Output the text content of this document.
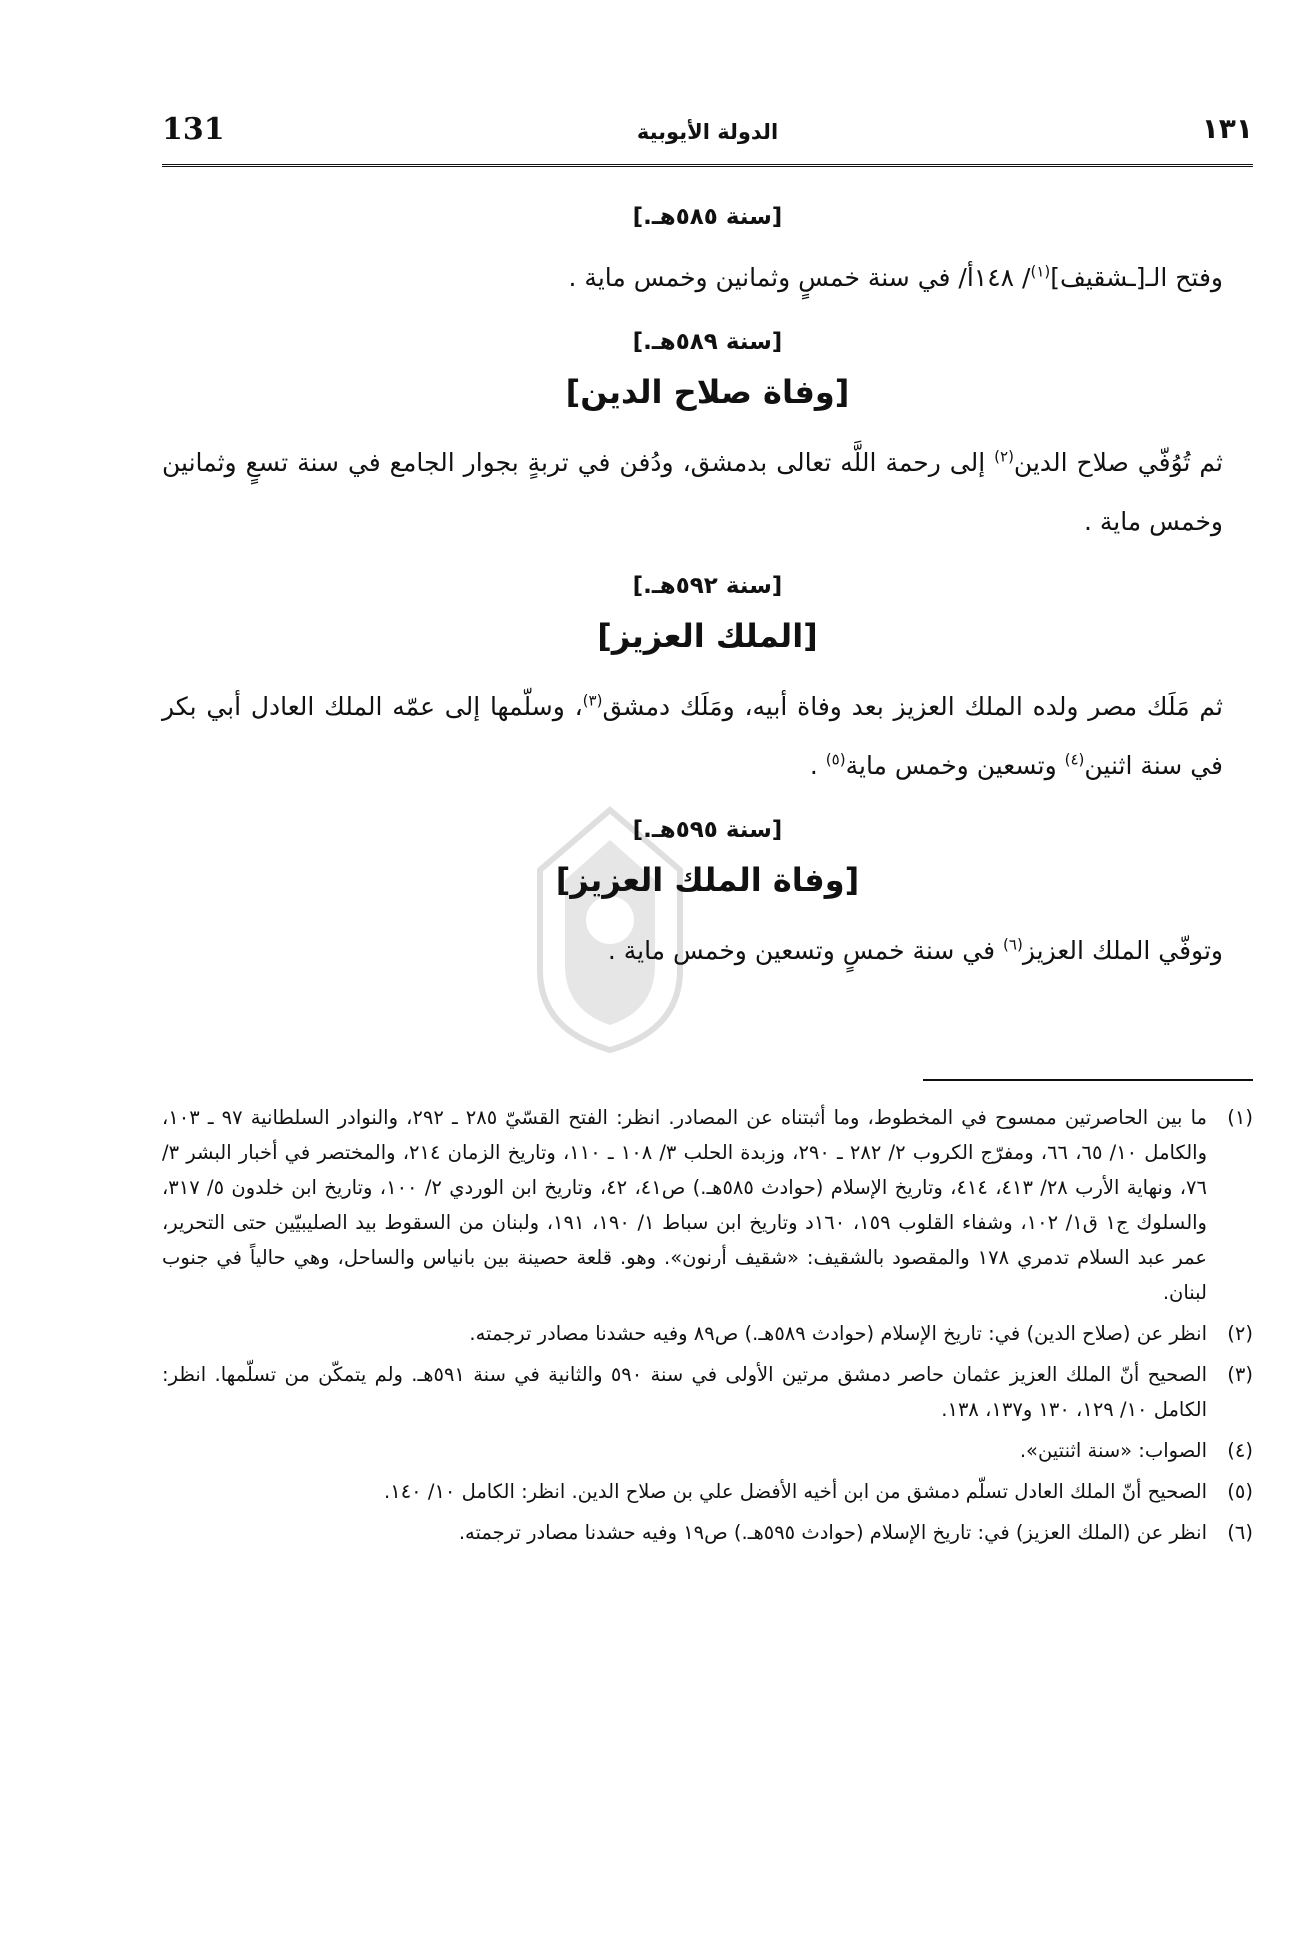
131	الدولة الأيوبية	١٣١
[سنة ٥٨٥هـ.]
وفتح الـ[ـشقيف]$^{(١)}$/ ١٤٨أ/ في سنة خمسٍ وثمانين وخمس ماية .
[سنة ٥٨٩هـ.]
[وفاة صلاح الدين]
ثم تُوُفّي صلاح الدين$^{(٢)}$ إلى رحمة اللَّه تعالى بدمشق، ودُفن في تربةٍ بجوار الجامع في سنة تسعٍ وثمانين وخمس ماية .
[سنة ٥٩٢هـ.]
[الملك العزيز]
ثم مَلَك مصر ولده الملك العزيز بعد وفاة أبيه، ومَلَك دمشق$^{(٣)}$، وسلّمها إلى عمّه الملك العادل أبي بكر في سنة اثنين$^{(٤)}$ وتسعين وخمس ماية$^{(٥)}$ .
[سنة ٥٩٥هـ.]
[وفاة الملك العزيز]
وتوفّي الملك العزيز$^{(٦)}$ في سنة خمسٍ وتسعين وخمس ماية .
(١)ما بين الحاصرتين ممسوح في المخطوط، وما أثبتناه عن المصادر. انظر: الفتح القسّيّ ٢٨٥ ـ ٢٩٢، والنوادر السلطانية ٩٧ ـ ١٠٣، والكامل ١٠/ ٦٥، ٦٦، ومفرّج الكروب ٢/ ٢٨٢ ـ ٢٩٠، وزبدة الحلب ٣/ ١٠٨ ـ ١١٠، وتاريخ الزمان ٢١٤، والمختصر في أخبار البشر ٣/ ٧٦، ونهاية الأرب ٢٨/ ٤١٣، ٤١٤، وتاريخ الإسلام (حوادث ٥٨٥هـ.) ص٤١، ٤٢، وتاريخ ابن الوردي ٢/ ١٠٠، وتاريخ ابن خلدون ٥/ ٣١٧، والسلوك ج١ ق١/ ١٠٢، وشفاء القلوب ١٥٩، ١٦٠د وتاريخ ابن سباط ١/ ١٩٠، ١٩١، ولبنان من السقوط بيد الصليبيّين حتى التحرير، عمر عبد السلام تدمري ١٧٨ والمقصود بالشقيف: «شقيف أرنون». وهو. قلعة حصينة بين بانياس والساحل، وهي حالياً في جنوب لبنان.
(٢)انظر عن (صلاح الدين) في: تاريخ الإسلام (حوادث ٥٨٩هـ.) ص٨٩ وفيه حشدنا مصادر ترجمته.
(٣)الصحيح أنّ الملك العزيز عثمان حاصر دمشق مرتين الأولى في سنة ٥٩٠ والثانية في سنة ٥٩١هـ. ولم يتمكّن من تسلّمها. انظر: الكامل ١٠/ ١٢٩، ١٣٠ و١٣٧، ١٣٨.
(٤)الصواب: «سنة اثنتين».
(٥)الصحيح أنّ الملك العادل تسلّم دمشق من ابن أخيه الأفضل علي بن صلاح الدين. انظر: الكامل ١٠/ ١٤٠.
(٦)انظر عن (الملك العزيز) في: تاريخ الإسلام (حوادث ٥٩٥هـ.) ص١٩ وفيه حشدنا مصادر ترجمته.
